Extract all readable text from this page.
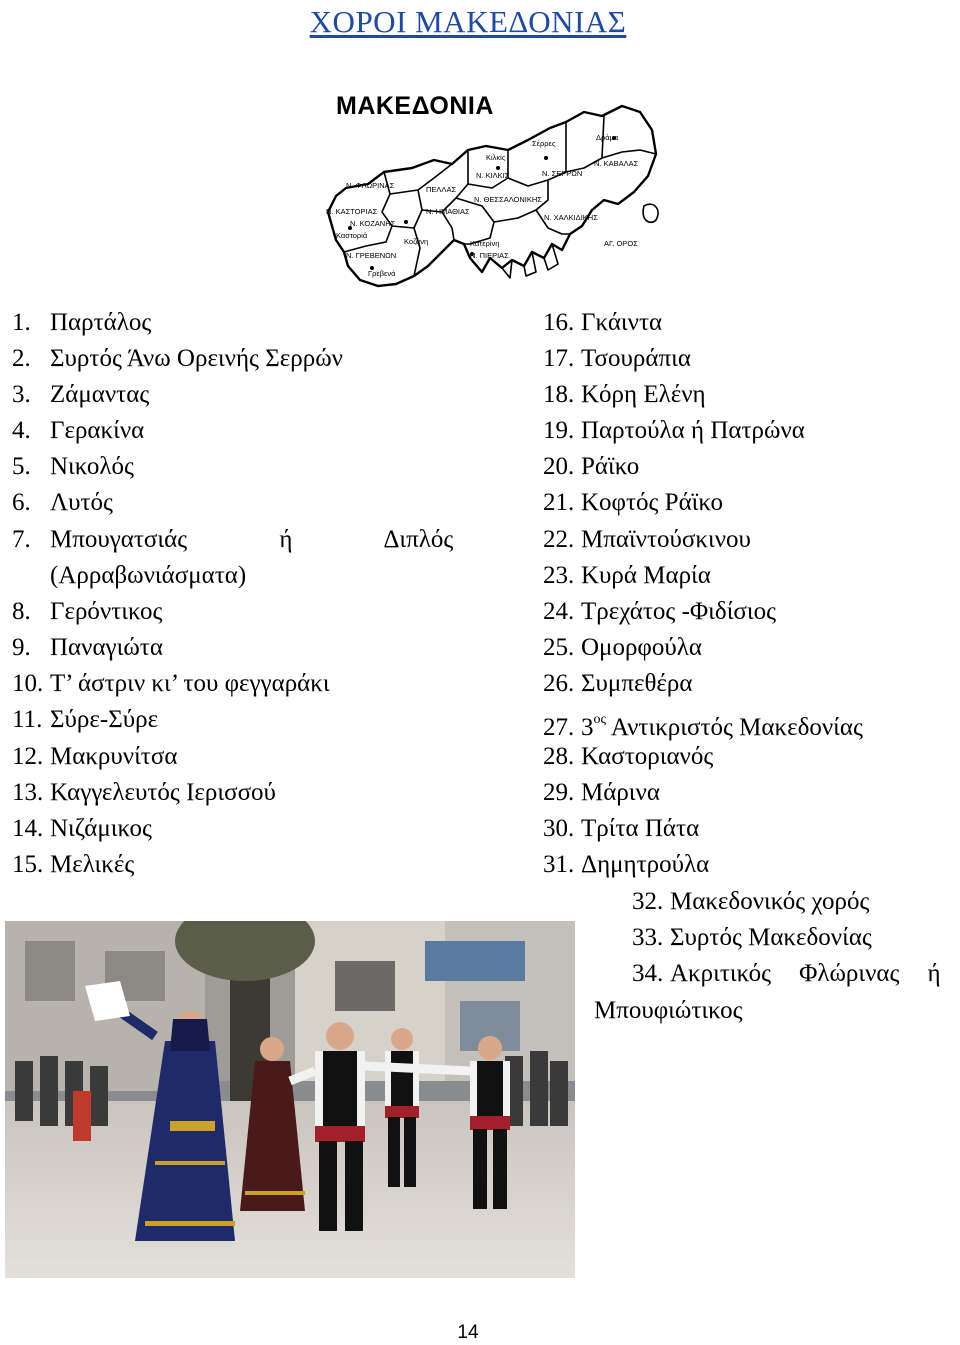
ΧΟΡΟΙ ΜΑΚΕΔΟΝΙΑΣ
ΜΑΚΕΔΟΝΙΑ
Κιλκίς
Σέρρες
Δράμα
Ν. ΦΛΩΡΙΝΑΣ	ΠΕΛΛΑΣ
Ν. ΚΙΛΚΙΣ	Ν. ΣΕΡΡΩΝ
Ν. ΚΑΒΑΛΑΣ
Ν. ΚΟΖΑΝΗΣ
Κοζάνη
Ν. ΗΜΑΘΙΑΣ
Ν. ΘΕΣΣΑΛΟΝΙΚΗΣ
Ν. ΧΑΛΚΙΔΙΚΗΣ
Ν. ΓΡΕΒΕΝΩΝ
Γρεβενά
Ν. ΠΙΕΡΙΑΣ
Κατερίνη
Ν. ΚΑΣΤΟΡΙΑΣ
Καστοριά
ΑΓ. ΟΡΟΣ
1. Παρτάλος
2. Συρτός Άνω Ορεινής Σερρών
3. Ζάμαντας
4. Γερακίνα
5. Νικολός
6. Λυτός
7. Μπουγατσιάς ή Διπλός
(Αρραβωνιάσματα)
8. Γερόντικος
9. Παναγιώτα
10. Τ’ άστριν κι’ του φεγγαράκι
11. Σύρε-Σύρε
12. Μακρυνίτσα
13. Καγγελευτός Ιερισσού
14. Νιζάμικος
15. Μελικές
16. Γκάιντα
17. Τσουράπια
18. Κόρη Ελένη
19. Παρτούλα ή Πατρώνα
20. Ράϊκο
21. Κοφτός Ράϊκο
22. Μπαϊντούσκινου
23. Κυρά Μαρία
24. Τρεχάτος -Φιδίσιος
25. Ομορφούλα
26. Συμπεθέρα
27. $3^{o\varsigma}$ Αντικριστός Μακεδονίας
28. Καστοριανός
29. Μάρινα
30. Τρίτα Πάτα
31. Δημητρούλα
32. Μακεδονικός χορός
33. Συρτός Μακεδονίας
34. Ακριτικός Φλώρινας ή
Μπουφιώτικος
14
